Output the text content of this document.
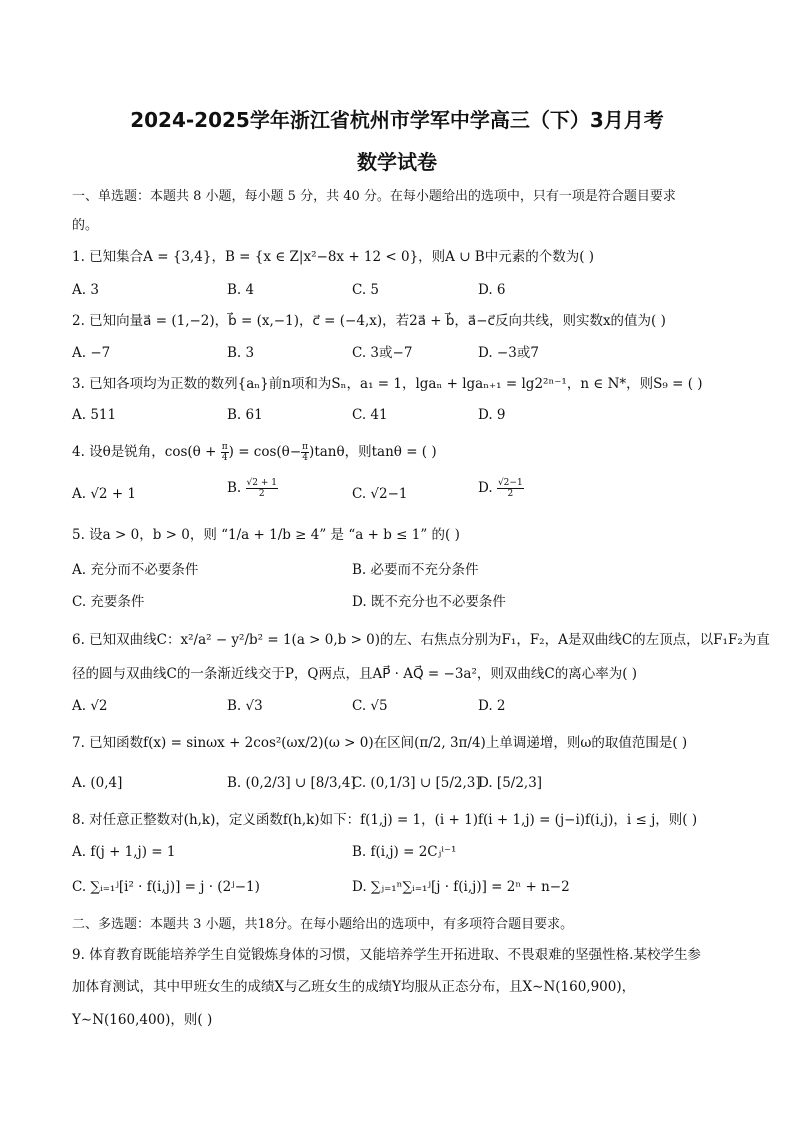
2024-2025学年浙江省杭州市学军中学高三（下）3月月考
数学试卷
一、单选题：本题共 8 小题，每小题 5 分，共 40 分。在每小题给出的选项中，只有一项是符合题目要求
的。
1. 已知集合A = {3,4}，B = {x ∈ Z|x²−8x + 12 < 0}，则A ∪ B中元素的个数为( )
A. 3	B. 4	C. 5	D. 6
2. 已知向量a⃗ = (1,−2)，b⃗ = (x,−1)，c⃗ = (−4,x)，若2a⃗ + b⃗，a⃗−c⃗反向共线，则实数x的值为( )
A. −7	B. 3	C. 3或−7	D. −3或7
3. 已知各项均为正数的数列{aₙ}前n项和为Sₙ，a₁ = 1，lgaₙ + lgaₙ₊₁ = lg2²ⁿ⁻¹，n ∈ N*，则S₉ = ( )
A. 511	B. 61	C. 41	D. 9
4. 设θ是锐角，$\cos(\theta + \frac{\pi}{4}$ ) = $\cos(\theta- \frac{\pi}{4} )\tan\theta$，则tanθ = ( )
A. √2 + 1	B. $\frac{√2 + 1}{2}$	C. √2−1	D. $\frac{√2-1}{2}$
5. 设a > 0，b > 0，则 “1/a + 1/b ≥ 4” 是 “a + b ≤ 1” 的( )
A. 充分而不必要条件	B. 必要而不充分条件
C. 充要条件	D. 既不充分也不必要条件
6. 已知双曲线C：x²/a² − y²/b² = 1(a > 0,b > 0)的左、右焦点分别为F₁，F₂，A是双曲线C的左顶点，以F₁F₂为直
径的圆与双曲线C的一条渐近线交于P，Q两点，且AP⃗ · AQ⃗ = −3a²，则双曲线C的离心率为( )
A. √2	B. √3	C. √5	D. 2
7. 已知函数f(x) = sinωx + 2cos²(ωx/2)(ω > 0)在区间(π/2, 3π/4)上单调递增，则ω的取值范围是( )
A. (0,4]	B. (0,2/3] ∪ [8/3,4]
C. (0,1/3] ∪ [5/2,3]
D. [5/2,3]
8. 对任意正整数对(h,k)，定义函数f(h,k)如下：f(1,j) = 1，(i + 1)f(i + 1,j) = (j−i)f(i,j)，i ≤ j，则( )
A. f(j + 1,j) = 1	B. f(i,j) = 2Cⱼⁱ⁻¹
C. ∑ᵢ₌₁ʲ[i² · f(i,j)] = j · (2ʲ−1)	D. ∑ⱼ₌₁ⁿ∑ᵢ₌₁ʲ[j · f(i,j)] = 2ⁿ + n−2
二、多选题：本题共 3 小题，共18分。在每小题给出的选项中，有多项符合题目要求。
9. 体育教育既能培养学生自觉锻炼身体的习惯，又能培养学生开拓进取、不畏艰难的坚强性格.某校学生参
加体育测试，其中甲班女生的成绩X与乙班女生的成绩Y均服从正态分布，且X∼N(160,900)，
Y∼N(160,400)，则( )
